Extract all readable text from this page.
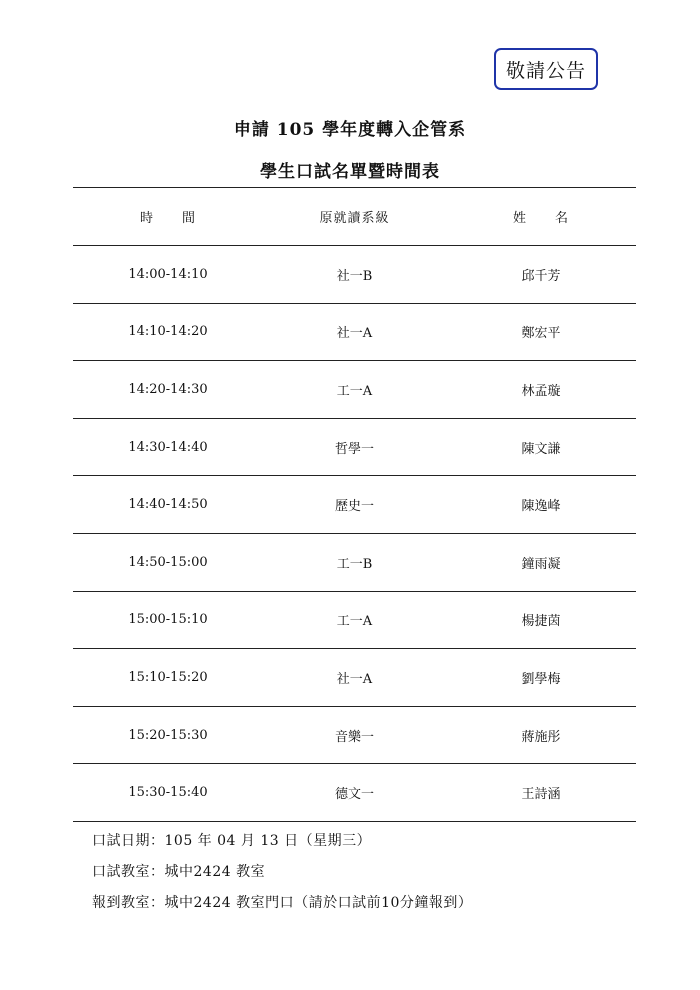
敬請公告
申請 105 學年度轉入企管系
學生口試名單暨時間表
時　　間	原就讀系級	姓　　名
14:00-14:10	社一B	邱千芳
14:10-14:20	社一A	鄭宏平
14:20-14:30	工一A	林孟璇
14:30-14:40	哲學一	陳文謙
14:40-14:50	歷史一	陳逸峰
14:50-15:00	工一B	鐘雨凝
15:00-15:10	工一A	楊捷茵
15:10-15:20	社一A	劉學梅
15:20-15:30	音樂一	蔣施彤
15:30-15:40	德文一	王詩涵
口試日期：105 年 04 月 13 日（星期三）
口試教室：城中2424 教室
報到教室：城中2424 教室門口（請於口試前10分鐘報到）
